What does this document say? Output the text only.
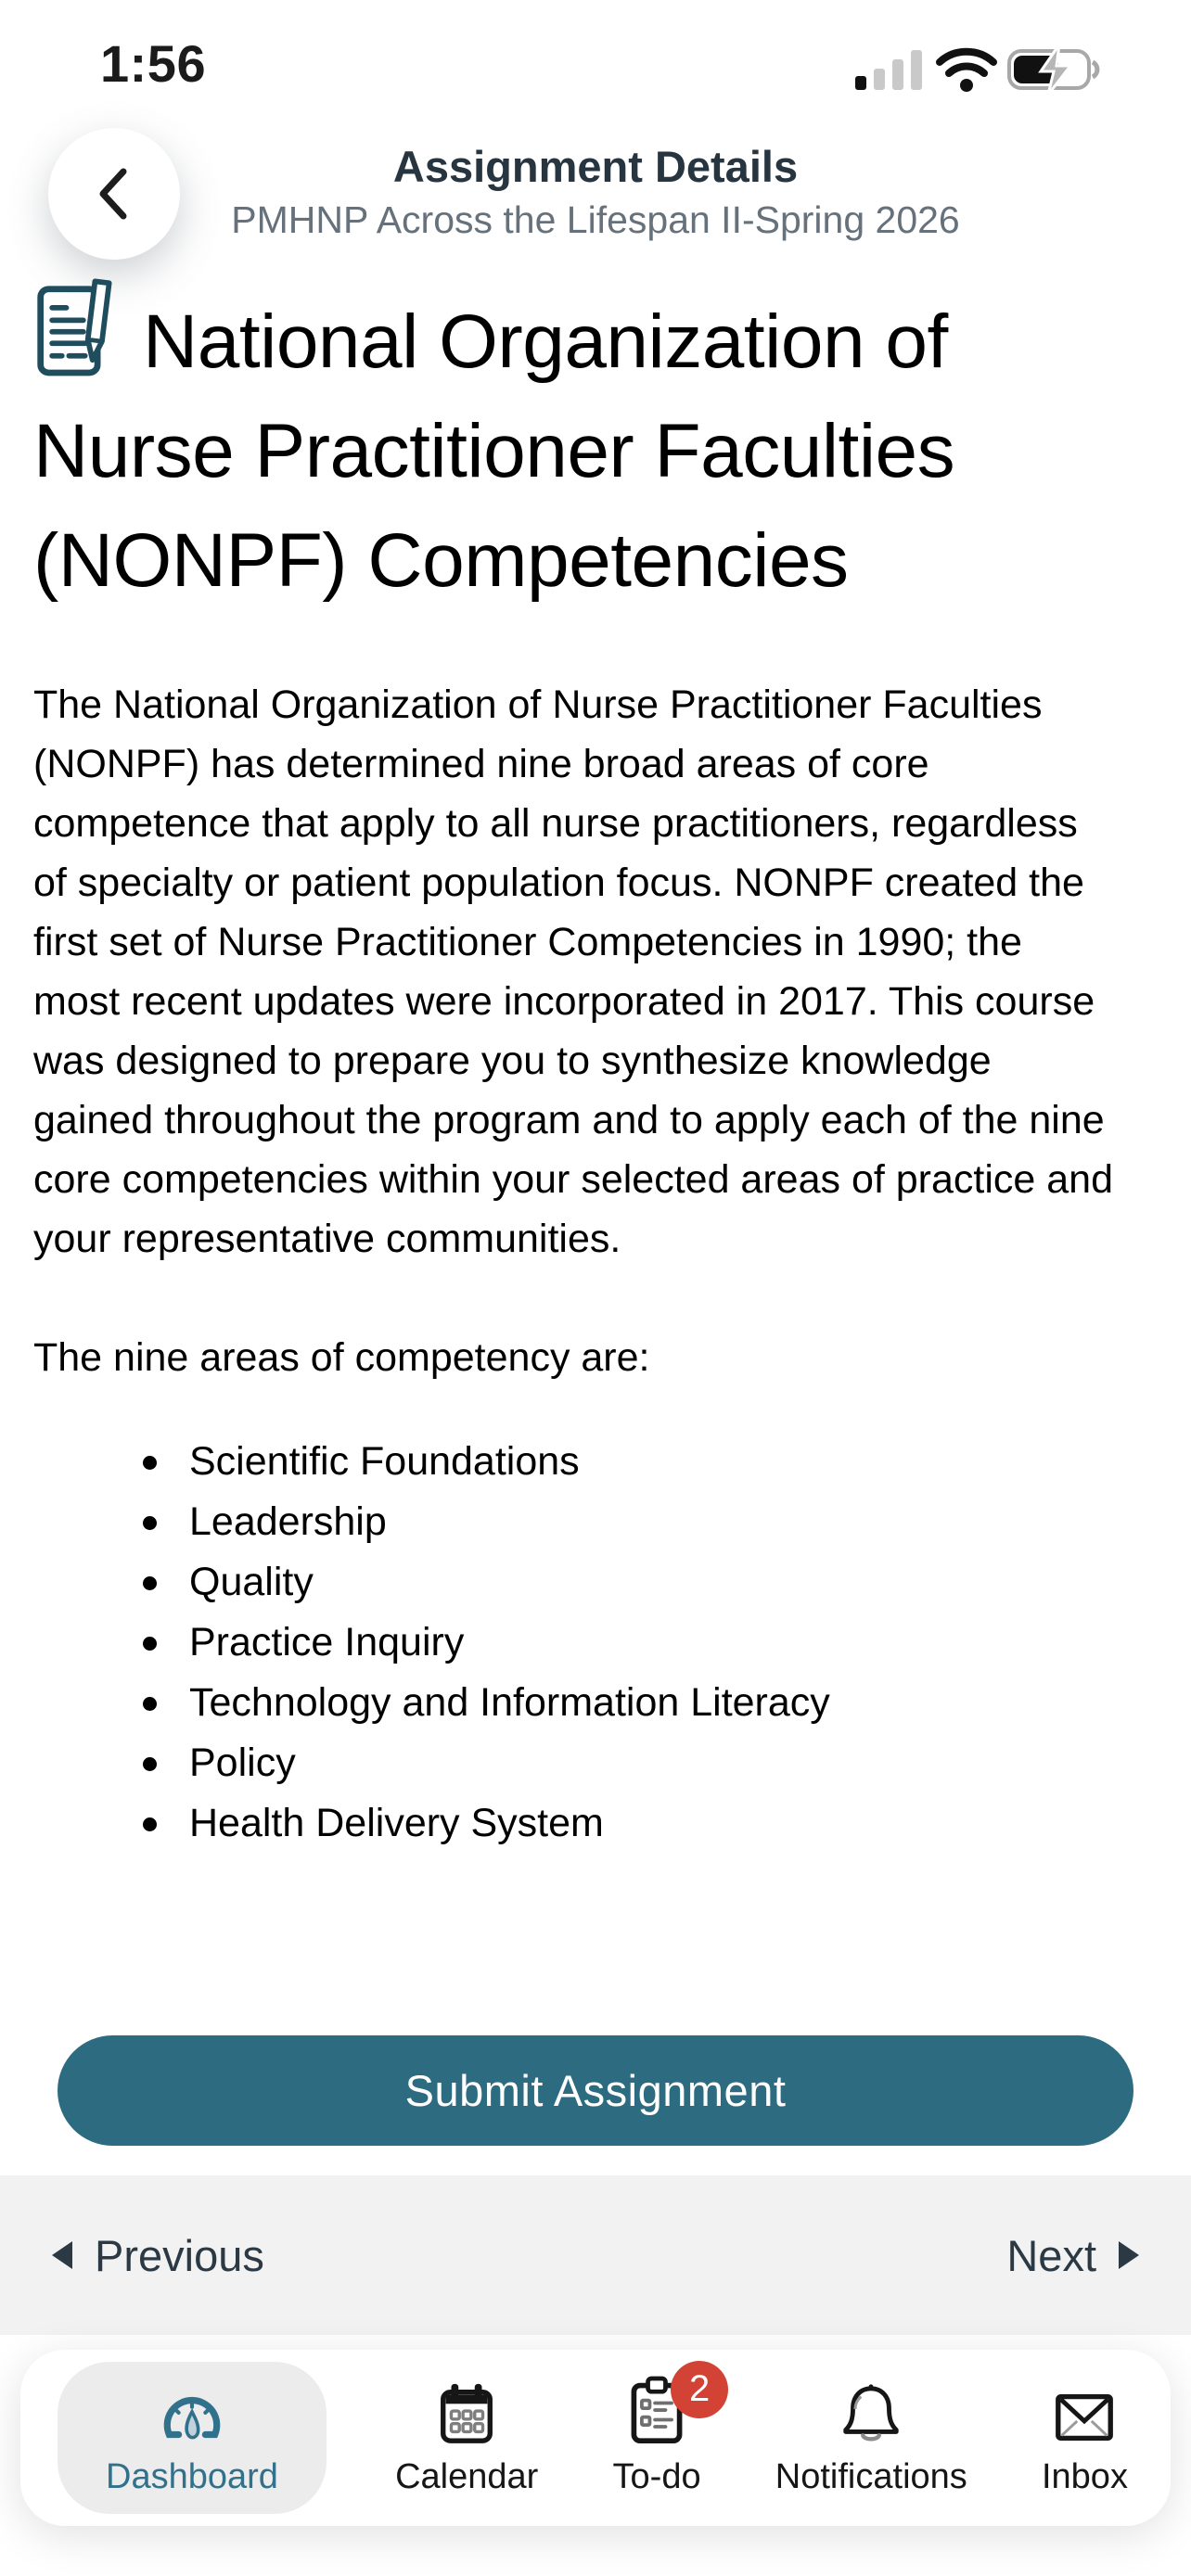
1:56
Assignment Details
PMHNP Across the Lifespan II-Spring 2026
National Organization of Nurse Practitioner Faculties (NONPF) Competencies

The National Organization of Nurse Practitioner Faculties (NONPF) has determined nine broad areas of core competence that apply to all nurse practitioners, regardless of specialty or patient population focus. NONPF created the first set of Nurse Practitioner Competencies in 1990; the most recent updates were incorporated in 2017. This course was designed to prepare you to synthesize knowledge gained throughout the program and to apply each of the nine core competencies within your selected areas of practice and your representative communities.

The nine areas of competency are:

Scientific Foundations
Leadership
Quality
Practice Inquiry
Technology and Information Literacy
Policy
Health Delivery System
Submit Assignment
Previous	Next
Dashboard	Calendar
2
To-do Notifications Inbox
